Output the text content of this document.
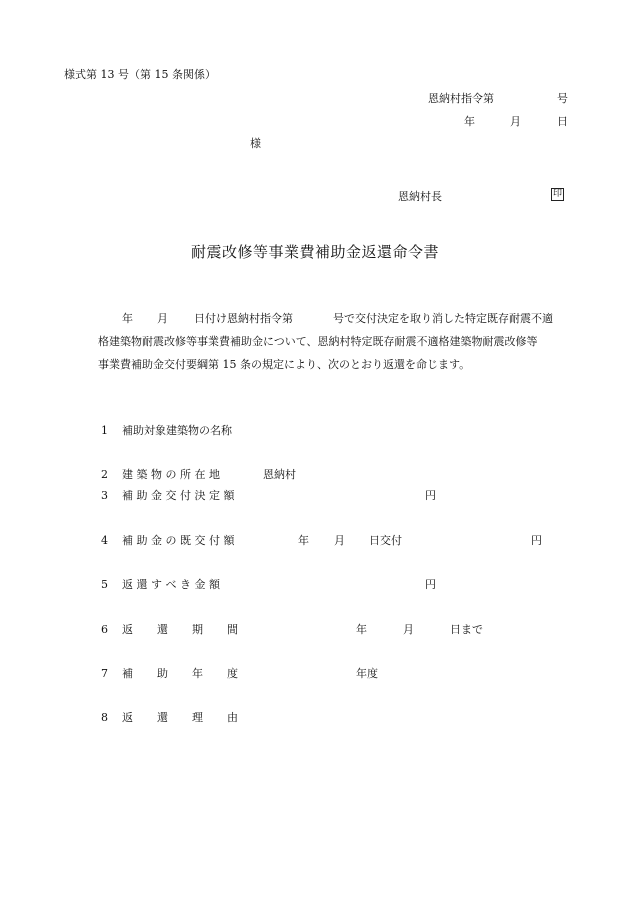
様式第 13 号（第 15 条関係）
恩納村指令第	号
年	月	日
様
恩納村長	印
耐震改修等事業費補助金返還命令書
年 月 日付け恩納村指令第	号で交付決定を取り消した特定既存耐震不適
格建築物耐震改修等事業費補助金について、恩納村特定既存耐震不適格建築物耐震改修等
事業費補助金交付要綱第 15 条の規定により、次のとおり返還を命じます。
1 補助対象建築物の名称
2 建 築 物 の 所 在 地	恩納村
3 補 助 金 交 付 決 定 額	円
4 補 助 金 の 既 交 付 額	年 月 日交付	円
5 返 還 す べ き 金 額	円
6 返 還 期 間	年	月	日まで
7 補 助 年 度	年度
8 返 還 理 由
